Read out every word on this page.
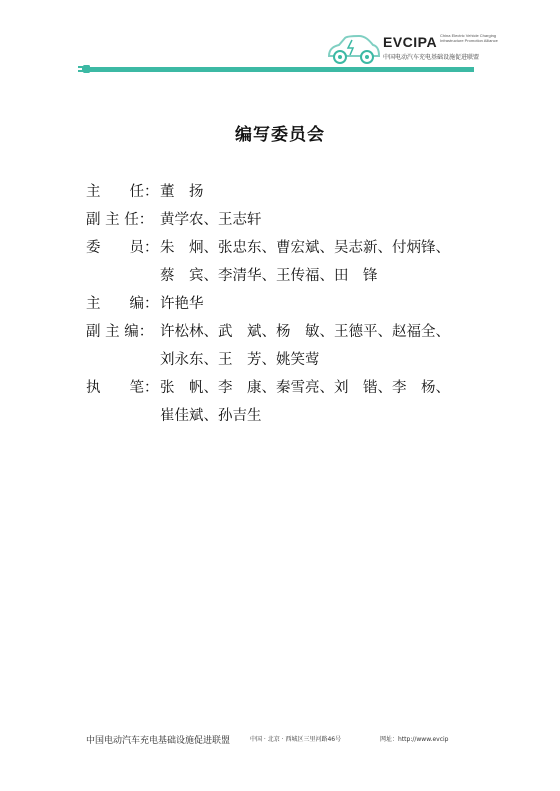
EVCIPA China Electric Vehicle Charging Infrastructure Promotion Alliance
中国电动汽车充电基础设施促进联盟
编写委员会
主　　任： 董　扬
副 主 任： 黄学农、王志轩
委　　员： 朱　炯、张忠东、曹宏斌、吴志新、付炳锋、
蔡　宾、李清华、王传福、田　锋
主　　编： 许艳华
副 主 编： 许松林、武　斌、杨　敏、王德平、赵福全、
刘永东、王　芳、姚笑莺
执　　笔： 张　帆、李　康、秦雪亮、刘　锴、李　杨、
崔佳斌、孙吉生
中国电动汽车充电基础设施促进联盟	中国 · 北京 · 西城区三里河路46号	网址：http://www.evcip
